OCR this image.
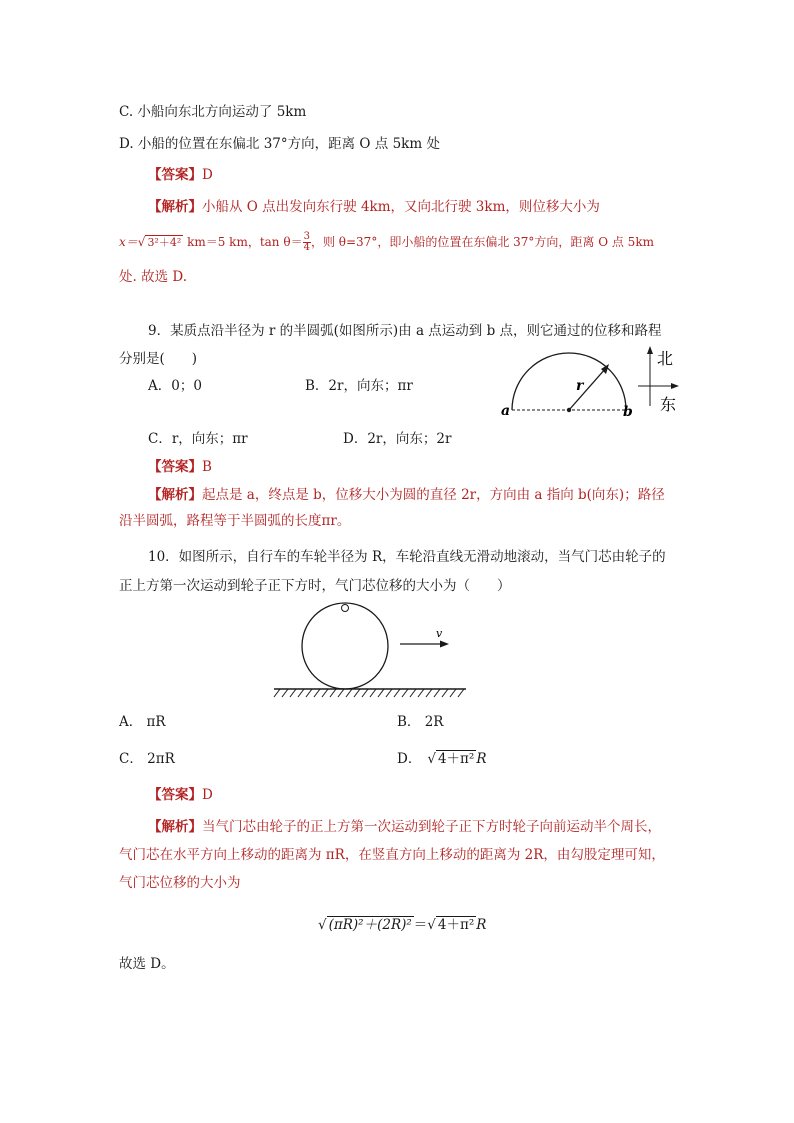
C. 小船向东北方向运动了 5km
D. 小船的位置在东偏北 37°方向，距离 O 点 5km 处
【答案】D
【解析】小船从 O 点出发向东行驶 4km，又向北行驶 3km，则位移大小为
x＝√ 3²＋4² km＝5 km，$\tan \theta= \frac{3}{4}$ ，则 θ=37°，即小船的位置在东偏北 37°方向，距离 O 点 5km
处. 故选 D.
9．某质点沿半径为 r 的半圆弧(如图所示)由 a 点运动到 b 点，则它通过的位移和路程
分别是(　　)
A．0；0	B．2r，向东；πr
C．r，向东；πr	D．2r，向东；2r
a	b
r
北
东
【答案】B
【解析】起点是 a，终点是 b，位移大小为圆的直径 2r，方向由 a 指向 b(向东)；路径
沿半圆弧，路程等于半圆弧的长度πr。
10．如图所示，自行车的车轮半径为 R，车轮沿直线无滑动地滚动，当气门芯由轮子的
正上方第一次运动到轮子正下方时，气门芯位移的大小为（　　）
v
A． πR	B． 2R
C． 2πR	D． √ 4＋π² R
【答案】D
【解析】当气门芯由轮子的正上方第一次运动到轮子正下方时轮子向前运动半个周长，
气门芯在水平方向上移动的距离为 πR，在竖直方向上移动的距离为 2R，由勾股定理可知，
气门芯位移的大小为
√ (πR)²＋(2R)² ＝√ 4＋π² R
故选 D。
